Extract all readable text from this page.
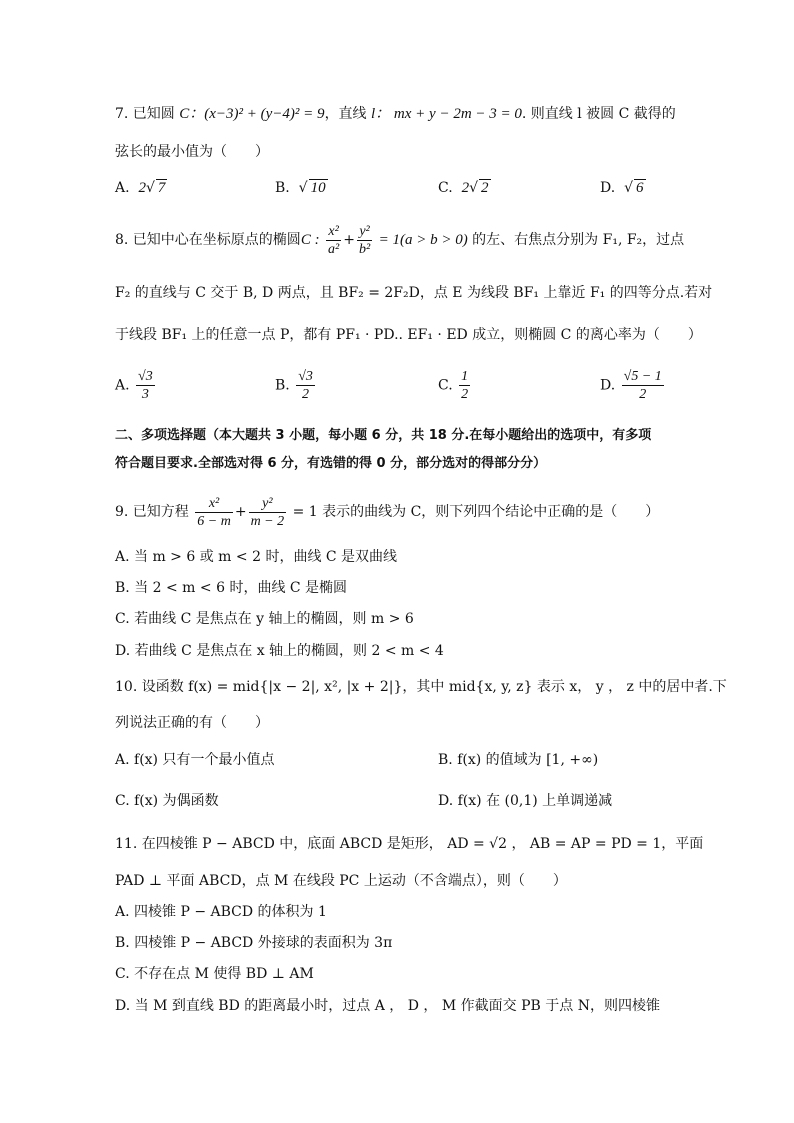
7. 已知圆 C：(x−3)² + (y−4)² = 9，直线 l： mx + y − 2m − 3 = 0. 则直线 l 被圆 C 截得的
弦长的最小值为（　　）
A. 2√ 7	B. √ 10	C. 2√ 2	D. √ 6
8. 已知中心在坐标原点的椭圆C : $\frac{\text{x²}}{\text{a²}} + \frac{\text{y²}}{\text{b²}} = 1(a > b > 0)$ 的左、右焦点分别为 F₁, F₂，过点
F₂ 的直线与 C 交于 B, D 两点，且 BF₂ = 2F₂D，点 E 为线段 BF₁ 上靠近 F₁ 的四等分点.若对
于线段 BF₁ 上的任意一点 P，都有 PF₁ · PD.. EF₁ · ED 成立，则椭圆 C 的离心率为（　　）
A. $\frac{√3}{3}$	B. $\frac{√3}{2}$	C. $\frac{1}{2}$	D. $\frac{√5 - 1}{2}$
二、多项选择题（本大题共 3 小题，每小题 6 分，共 18 分.在每小题给出的选项中，有多项
符合题目要求.全部选对得 6 分，有选错的得 0 分，部分选对的得部分分）
9. 已知方程 $\frac{\text{x²}}{6 - m} + \frac{\text{y²}}{m - 2} = 1$ 表示的曲线为 C，则下列四个结论中正确的是（　　）
A. 当 m > 6 或 m < 2 时，曲线 C 是双曲线
B. 当 2 < m < 6 时，曲线 C 是椭圆
C. 若曲线 C 是焦点在 y 轴上的椭圆，则 m > 6
D. 若曲线 C 是焦点在 x 轴上的椭圆，则 2 < m < 4
10. 设函数 f(x) = mid{|x − 2|, x², |x + 2|}，其中 mid{x, y, z} 表示 x， y ， z 中的居中者.下
列说法正确的有（　　）
A. f(x) 只有一个最小值点	B. f(x) 的值域为 [1, +∞)
C. f(x) 为偶函数	D. f(x) 在 (0,1) 上单调递减
11. 在四棱锥 P − ABCD 中，底面 ABCD 是矩形， AD = √2 ， AB = AP = PD = 1，平面
PAD ⊥ 平面 ABCD，点 M 在线段 PC 上运动（不含端点），则（　　）
A. 四棱锥 P − ABCD 的体积为 1
B. 四棱锥 P − ABCD 外接球的表面积为 3π
C. 不存在点 M 使得 BD ⊥ AM
D. 当 M 到直线 BD 的距离最小时，过点 A ， D ， M 作截面交 PB 于点 N，则四棱锥
